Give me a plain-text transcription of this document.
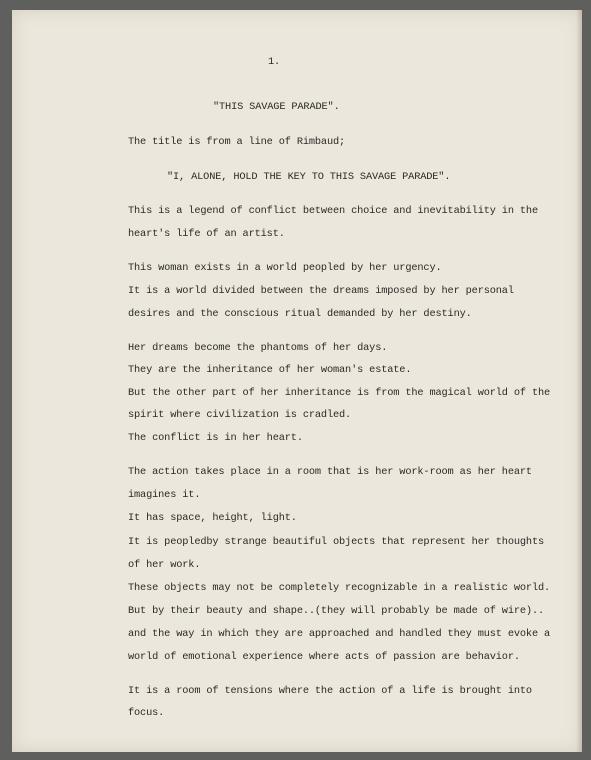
1.

"THIS SAVAGE PARADE".

The title is from a line of Rimbaud;

"I, ALONE, HOLD THE KEY TO THIS SAVAGE PARADE".

This is a legend of conflict between choice and inevitability in the

heart's life of an artist.

This woman exists in a world peopled by her urgency.

It is a world divided between the dreams imposed by her personal

desires and the conscious ritual demanded by her destiny.

Her dreams become the phantoms of her days.

They are the inheritance of her woman's estate.

But the other part of her inheritance is from the magical world of the

spirit where civilization is cradled.

The conflict is in her heart.

The action takes place in a room that is her work-room as her heart

imagines it.

It has space, height, light.

It is peopledby strange beautiful objects that represent her thoughts

of her work.

These objects may not be completely recognizable in a realistic world.

But by their beauty and shape..(they will probably be made of wire)..

and the way in which they are approached and handled they must evoke a

world of emotional experience where acts of passion are behavior.

It is a room of tensions where the action of a life is brought into

focus.
